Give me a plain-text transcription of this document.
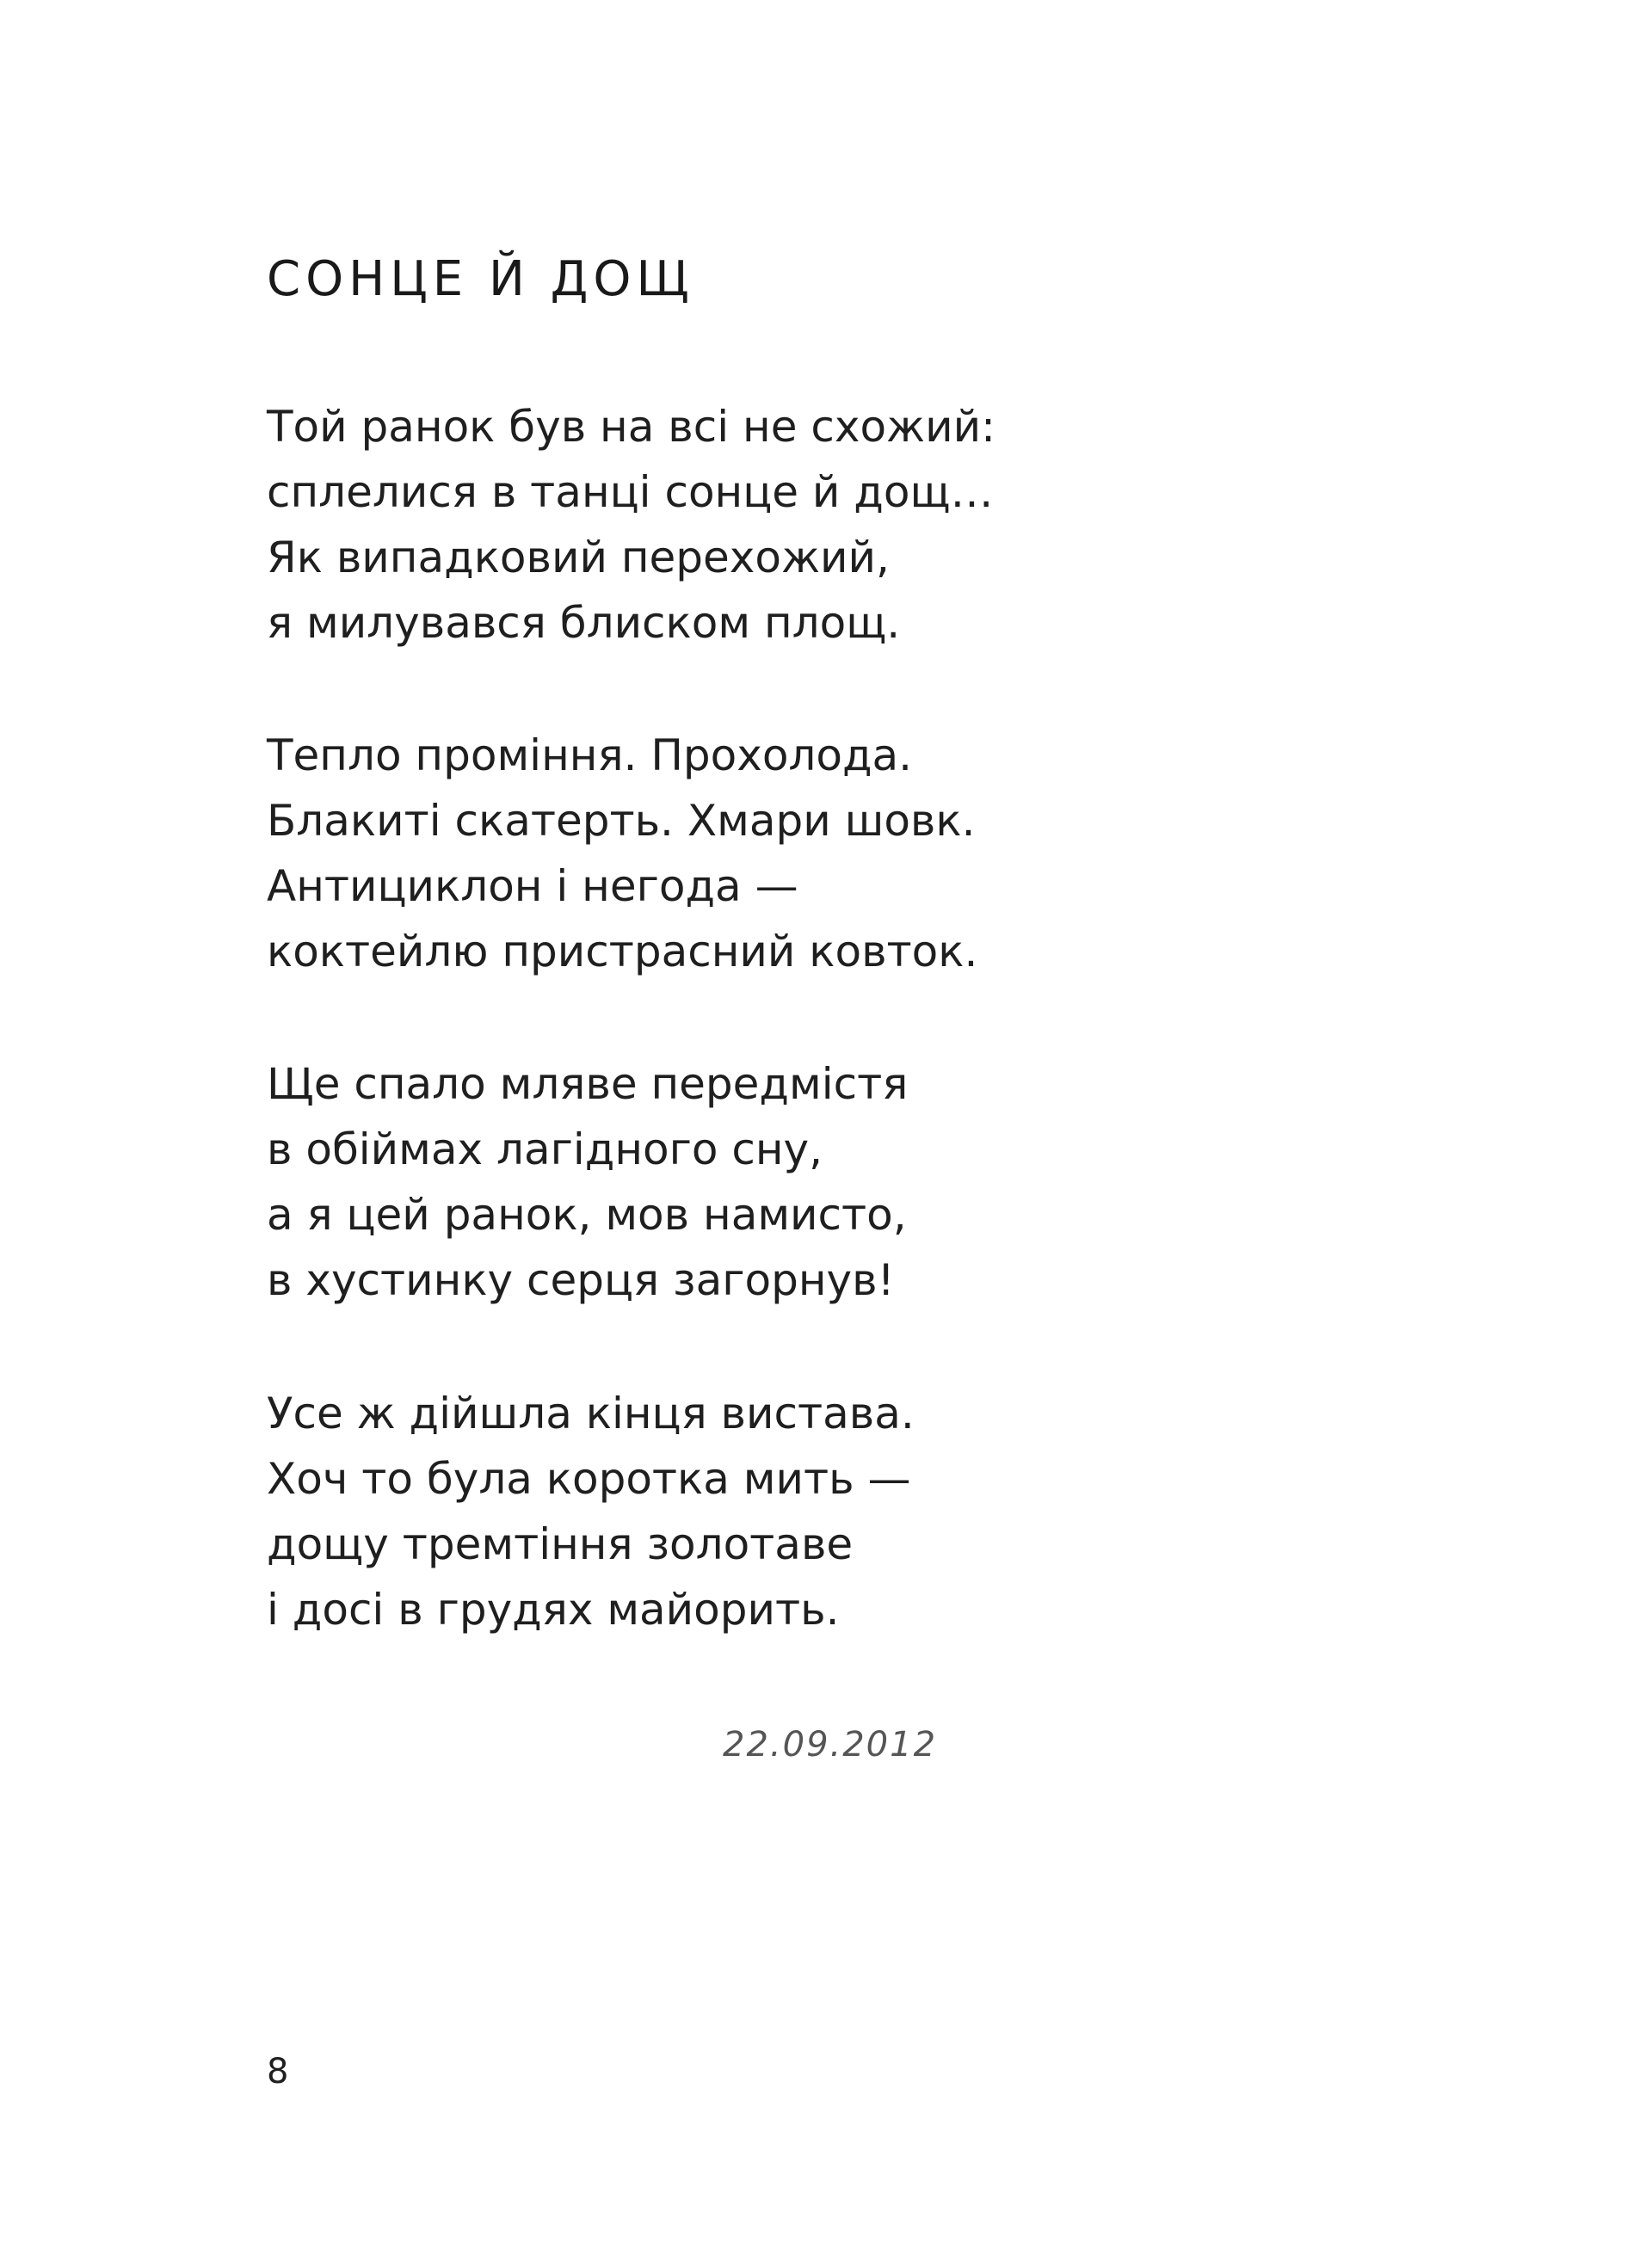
СОНЦЕ Й ДОЩ
Той ранок був на всі не схожий:
сплелися в танці сонце й дощ…
Як випадковий перехожий,
я милувався блиском площ.
Тепло проміння. Прохолода.
Блакиті скатерть. Хмари шовк.
Антициклон і негода —
коктейлю пристрасний ковток.
Ще спало мляве передмістя
в обіймах лагідного сну,
а я цей ранок, мов намисто,
в хустинку серця загорнув!
Усе ж дійшла кінця вистава.
Хоч то була коротка мить —
дощу тремтіння золотаве
і досі в грудях майорить.
22.09.2012
8
